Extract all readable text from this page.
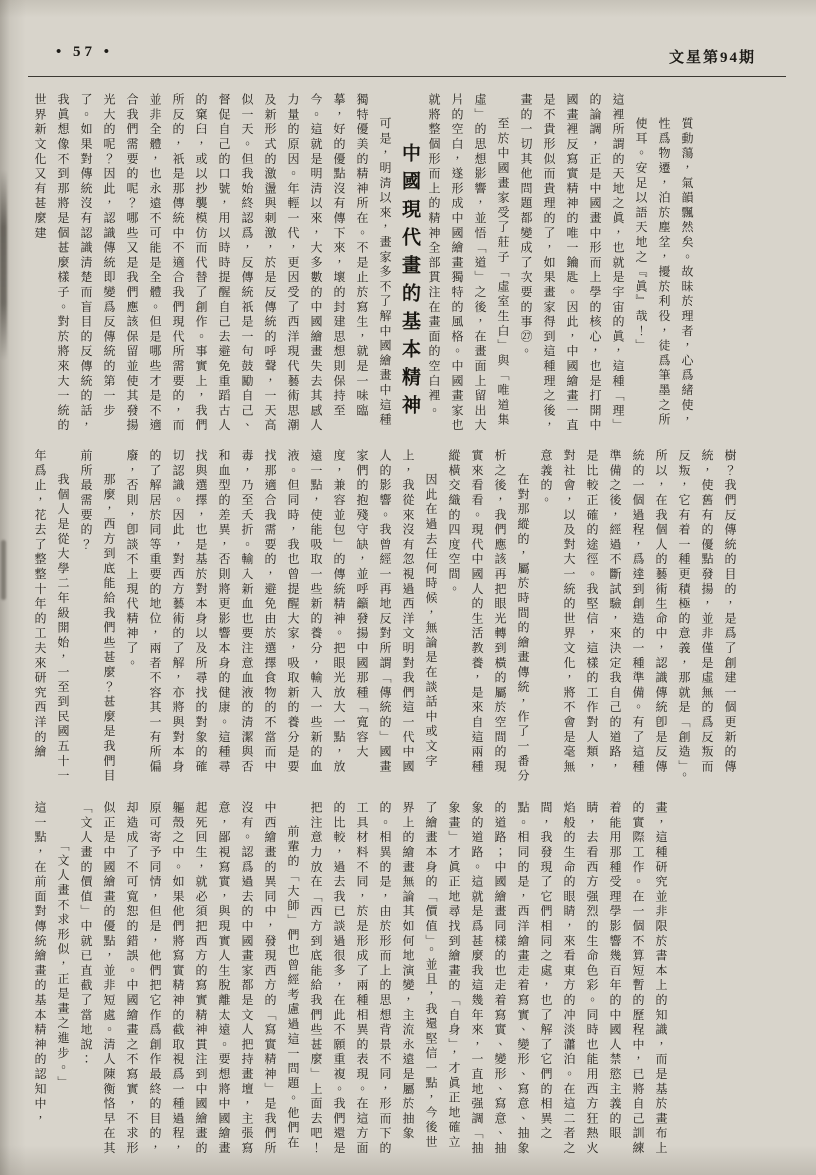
• 57 •	文星第94期

質動蕩，氣韻飄然矣。故昧於理者，心爲緒使，性爲物遷，泊於塵坌，擾於利役，徒爲筆墨之所使耳。安足以語天地之『眞』哉！」

這裡所謂的天地之眞，也就是宇宙的眞，這種「理」的論調，正是中國畫中形而上學的核心，也是打開中國畫裡反寫實精神的唯一鑰匙。因此，中國繪畫一直是不貴形似而貴理的了，如果畫家得到這種理之後，畫的一切其他問題都變成了次要的事㉗。

至於中國畫家受了莊子「虛室生白」與「唯道集虛」的思想影響，並悟「道」之後，在畫面上留出大片的空白，遂形成中國繪畫獨特的風格。中國畫家也就將整個形而上的精神全部貫注在畫面的空白裡。

中國現代畫的基本精神

可是，明清以來，畫家多不了解中國繪畫中這種獨特優美的精神所在。不是止於寫生，就是一味臨摹，好的優點沒有傳下來，壞的封建思想則保持至今。這就是明清以來，大多數的中國繪畫失去其感人力量的原因。年輕一代，更因受了西洋現代藝術思潮及新形式的激盪與刺激，於是反傳統的呼聲，一天高似一天。但我始終認爲，反傳統祇是一句鼓勵自己、督促自己的口號，用以時時提醒自己去避免重蹈古人的窠臼，或以抄襲模仿而代替了創作。事實上，我們所反的，祇是那傳統中不適合我們現代所需要的，而並非全體，也永遠不可能是全體。但是哪些才是不適合我們需要的呢？哪些又是我們應該保留並使其發揚光大的呢？因此，認識傳統即變爲反傳統的第一步了。如果對傳統沒有認識清楚而盲目的反傳統的話，我眞想像不到那將是個甚麼樣子。對於將來大一統的世界新文化又有甚麼建

樹？我們反傳統的目的，是爲了創建一個更新的傳統，使舊有的優點發揚，並非僅是虛無的爲反叛而反叛，它有着一種更積極的意義，那就是「創造」。所以，在我個人的藝術生命中，認識傳統卽是反傳統的一個過程，爲達到創造的一種準備。有了這種準備之後，經過不斷試驗，來決定我自己的道路，是比較正確的途徑。我堅信，這樣的工作對人類，對社會，以及對大一統的世界文化，將不會是毫無意義的。

在對那縱的，屬於時間的繪畫傳統，作了一番分析之後，我們應該再把眼光轉到橫的屬於空間的現實來看看。現代中國人的生活教養，是來自這兩種縱橫交織的四度空間。

因此在過去任何時候，無論是在談話中或文字上，我從來沒有忽視過西洋文明對我們這一代中國人的影響。我曾經一再地反對所謂「傳統的」國畫家們的抱殘守缺，並呼籲發揚中國那種「寬容大度，兼容並包」的傳統精神。把眼光放大一點，放遠一點，使能吸取一些新的養分，輸入一些新的血液。但同時，我也曾提醒大家，吸取新的養分是要找那適合我需要的，避免由於選擇食物的不當而中毒，乃至夭折。輸入新血也要注意血液的清潔與否和血型的差異，否則將更影響本身的健康。這種尋找與選擇，也是基於對本身以及所尋找的對象的確切認識。因此，對西方藝術的了解，亦將與對本身的了解居於同等重要的地位，兩者不容其一有所偏廢，否則，卽談不上現代精神了。

那麼，西方到底能給我們些甚麼？甚麼是我們目前所最需要的？

我個人是從大學二年級開始，一至到民國五十一年爲止，花去了整整十年的工夫來研究西洋的繪

畫，這種研究並非限於書本上的知識，而是基於畫布上的實際工作。在一個不算短暫的歷程中，已將自己訓練着能用那種受理學影響幾百年的中國人禁慾主義的眼睛，去看西方强烈的生命色彩。同時也能用西方狂熱火焰般的生命的眼睛，來看東方的冲淡瀟泊。在這二者之間，我發現了它們相同之處，也了解了它們的相異之點。相同的是，西洋繪畫走着寫實、變形、寫意、抽象的道路；中國繪畫同樣的也走着寫實、變形、寫意、抽象的道路。這就是爲甚麼我這幾年來，一直地强調「抽象畫」才眞正地尋找到繪畫的「自身」，才眞正地確立了繪畫本身的「價值」。並且，我還堅信一點，今後世界上的繪畫無論其如何地演變，主流永遠是屬於抽象的。相異的是，由於形而上的思想背景不同，形而下的工具材料不同，於是形成了兩種相異的表現。在這方面的比較，過去我已談過很多，在此不願重複。我們還是把注意力放在「西方到底能給我們些甚麼」上面去吧！

前輩的「大師」們也曾經考慮過這一問題。他們在中西繪畫的異同中，發現西方的「寫實精神」是我們所沒有。認爲過去的中國畫家都是文人把持畫壇，主張寫意，鄙視寫實，與現實人生脫離太遠。要想將中國繪畫起死回生，就必須把西方的寫實精神貫注到中國繪畫的軀殼之中。如果他們將寫實精神的截取視爲一種過程，原可寄予同情，但是，他們把它作爲創作最終的目的，却造成了不可寬恕的錯誤。中國繪畫之不寫實，不求形似正是中國繪畫的優點，並非短處。清人陳衡恪早在其「文人畫的價值」中就已直截了當地說：

「文人畫不求形似，正是畫之進步。」

這一點，在前面對傳統繪畫的基本精神的認知中，
